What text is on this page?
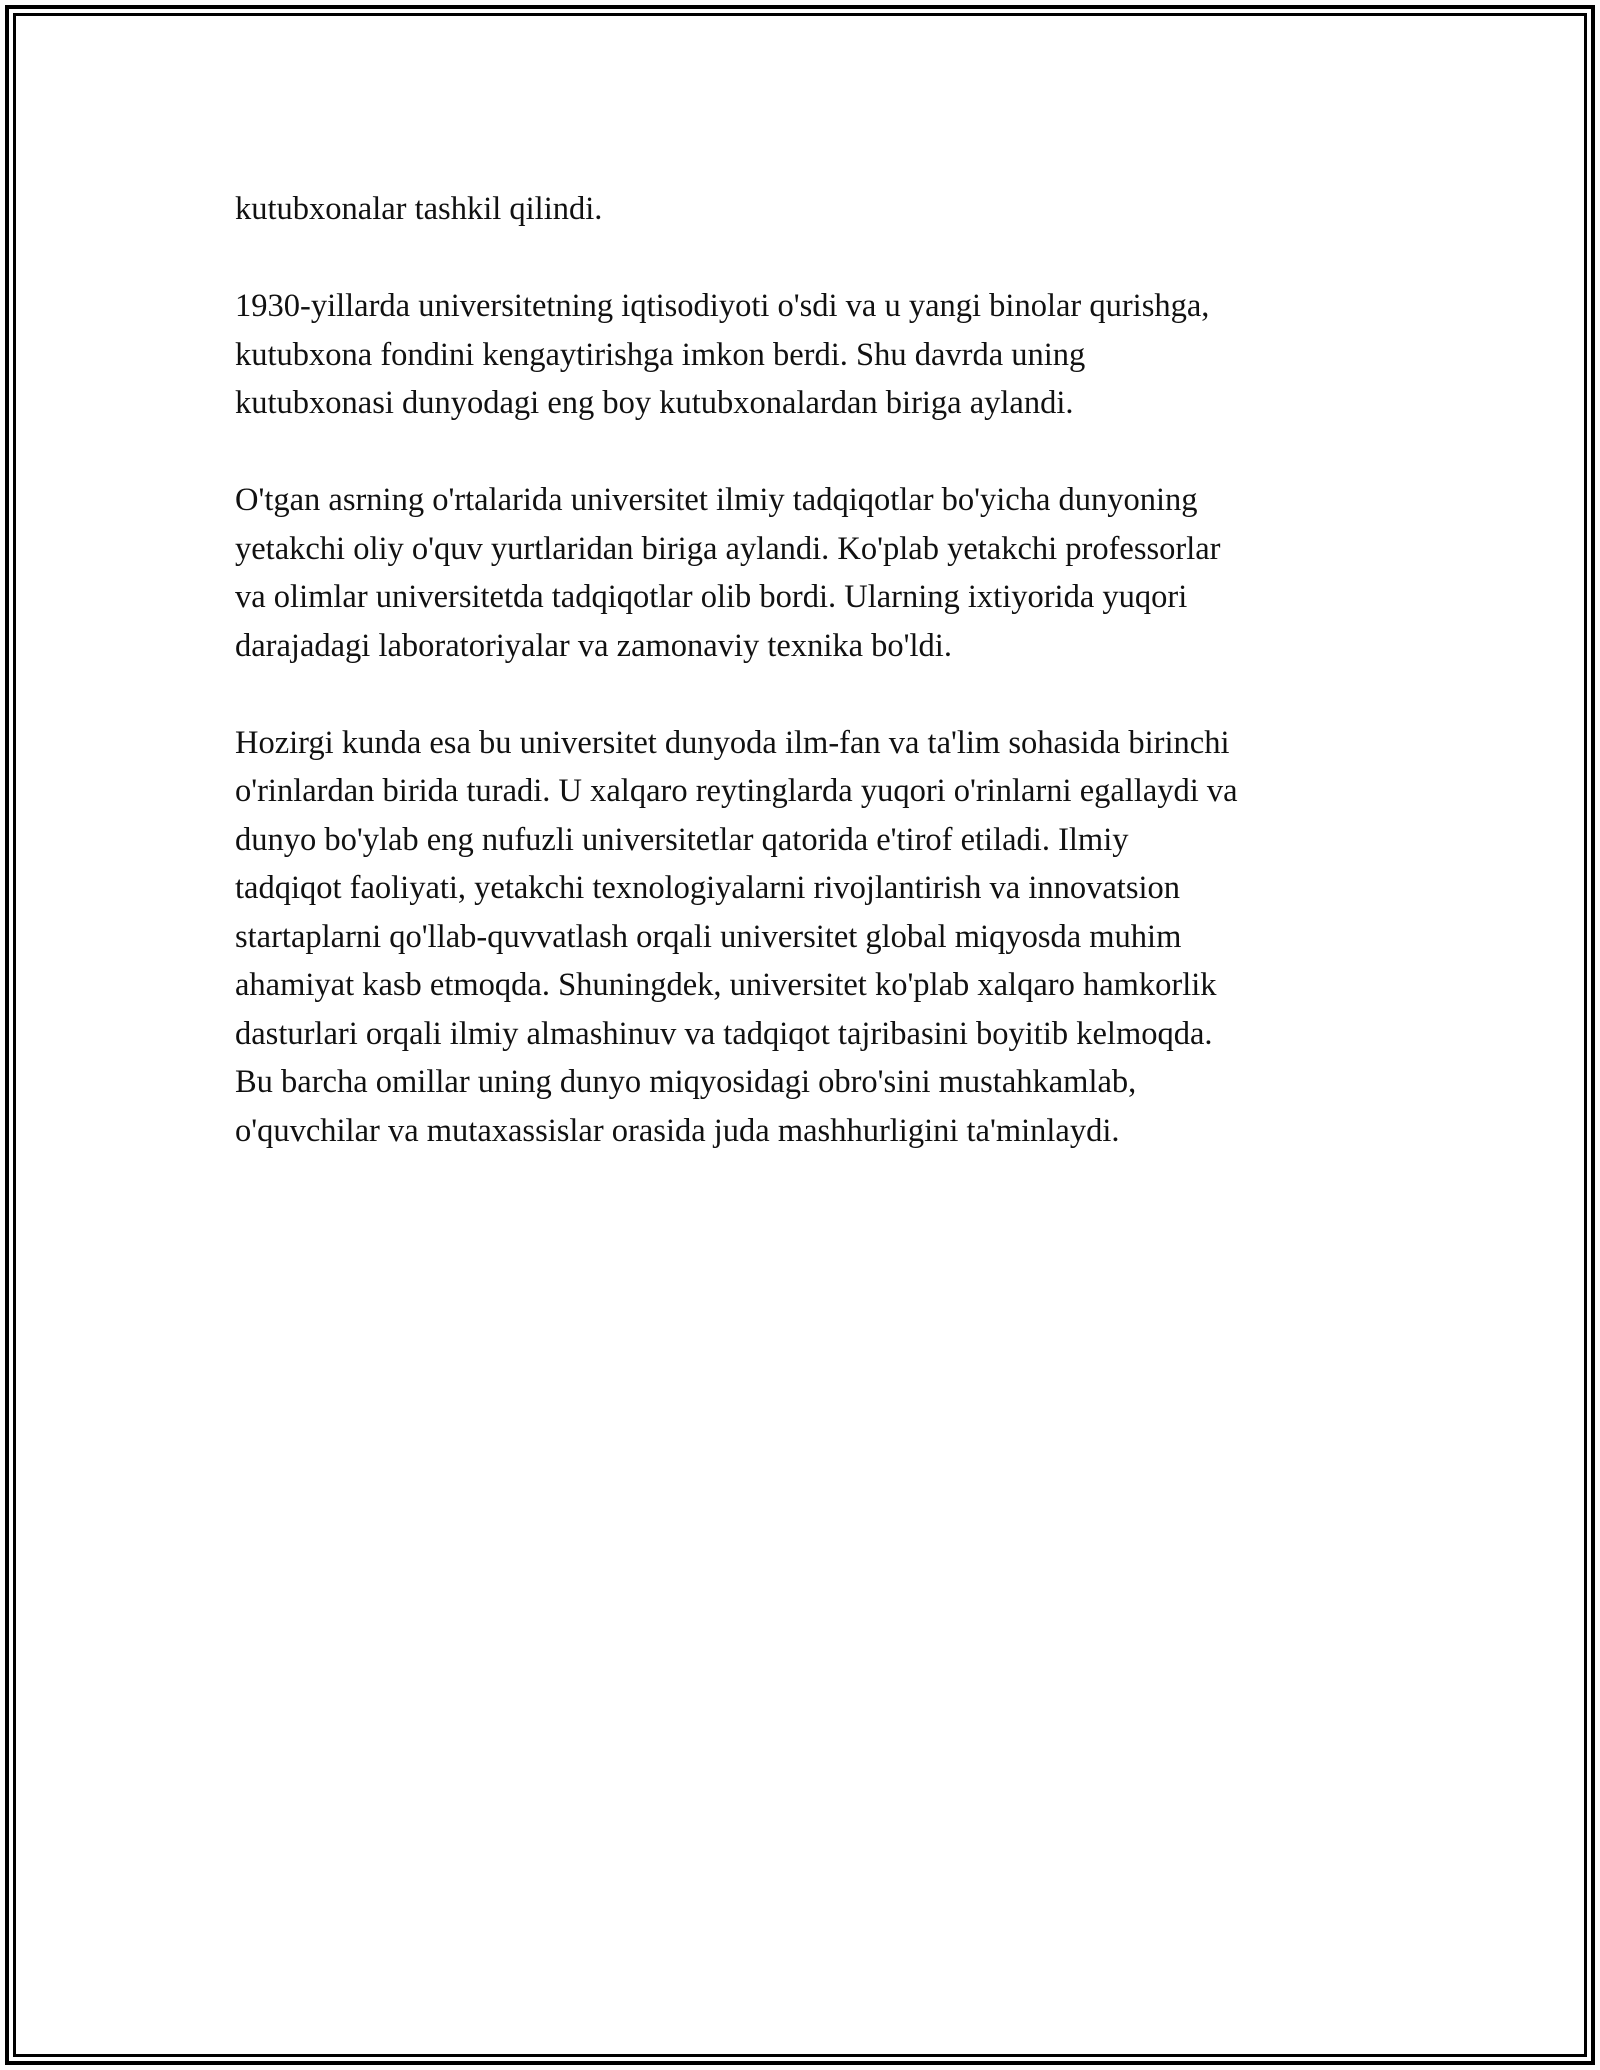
kutubxonalar tashkil qilindi.

1930-yillarda universitetning iqtisodiyoti o'sdi va u yangi binolar qurishga,
kutubxona fondini kengaytirishga imkon berdi. Shu davrda uning
kutubxonasi dunyodagi eng boy kutubxonalardan biriga aylandi.

O'tgan asrning o'rtalarida universitet ilmiy tadqiqotlar bo'yicha dunyoning
yetakchi oliy o'quv yurtlaridan biriga aylandi. Ko'plab yetakchi professorlar
va olimlar universitetda tadqiqotlar olib bordi. Ularning ixtiyorida yuqori
darajadagi laboratoriyalar va zamonaviy texnika bo'ldi.

Hozirgi kunda esa bu universitet dunyoda ilm-fan va ta'lim sohasida birinchi
o'rinlardan birida turadi. U xalqaro reytinglarda yuqori o'rinlarni egallaydi va
dunyo bo'ylab eng nufuzli universitetlar qatorida e'tirof etiladi. Ilmiy
tadqiqot faoliyati, yetakchi texnologiyalarni rivojlantirish va innovatsion
startaplarni qo'llab-quvvatlash orqali universitet global miqyosda muhim
ahamiyat kasb etmoqda. Shuningdek, universitet ko'plab xalqaro hamkorlik
dasturlari orqali ilmiy almashinuv va tadqiqot tajribasini boyitib kelmoqda.
Bu barcha omillar uning dunyo miqyosidagi obro'sini mustahkamlab,
o'quvchilar va mutaxassislar orasida juda mashhurligini ta'minlaydi.
